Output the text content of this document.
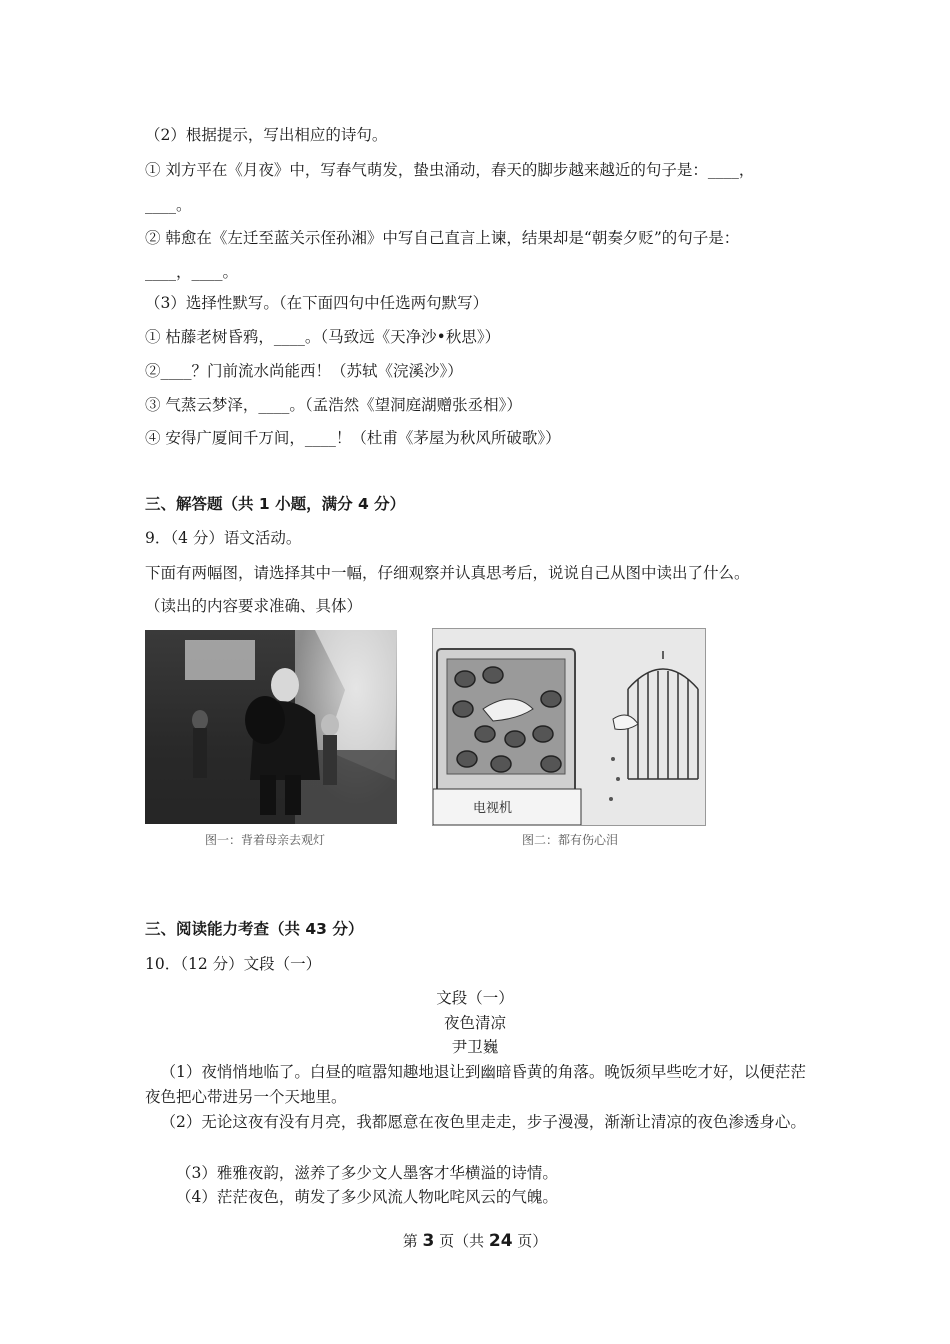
（2）根据提示，写出相应的诗句。
① 刘方平在《月夜》中，写春气萌发，蛰虫涌动，春天的脚步越来越近的句子是：____，
____。
② 韩愈在《左迁至蓝关示侄孙湘》中写自己直言上谏，结果却是“朝奏夕贬”的句子是：
____，____。
（3）选择性默写。（在下面四句中任选两句默写）
① 枯藤老树昏鸦，____。（马致远《天净沙•秋思》）
②____？门前流水尚能西！（苏轼《浣溪沙》）
③ 气蒸云梦泽，____。（孟浩然《望洞庭湖赠张丞相》）
④ 安得广厦间千万间，____！（杜甫《茅屋为秋风所破歌》）
三、解答题（共 1 小题，满分 4 分）
9．（4 分）语文活动。
下面有两幅图，请选择其中一幅，仔细观察并认真思考后，说说自己从图中读出了什么。
（读出的内容要求准确、具体）
图一：背着母亲去观灯
电视机
图二：都有伤心泪
三、阅读能力考查（共 43 分）
10．（12 分）文段（一）
文段（一）
夜色清凉
尹卫巍
（1）夜悄悄地临了。白昼的喧嚣知趣地退让到幽暗昏黄的角落。晚饭须早些吃才好，以便茫茫夜色把心带进另一个天地里。
（2）无论这夜有没有月亮，我都愿意在夜色里走走，步子漫漫，渐渐让清凉的夜色渗透身心。
（3）雅雅夜韵，滋养了多少文人墨客才华横溢的诗情。
（4）茫茫夜色，萌发了多少风流人物叱咤风云的气魄。
第 3 页（共 24 页）
